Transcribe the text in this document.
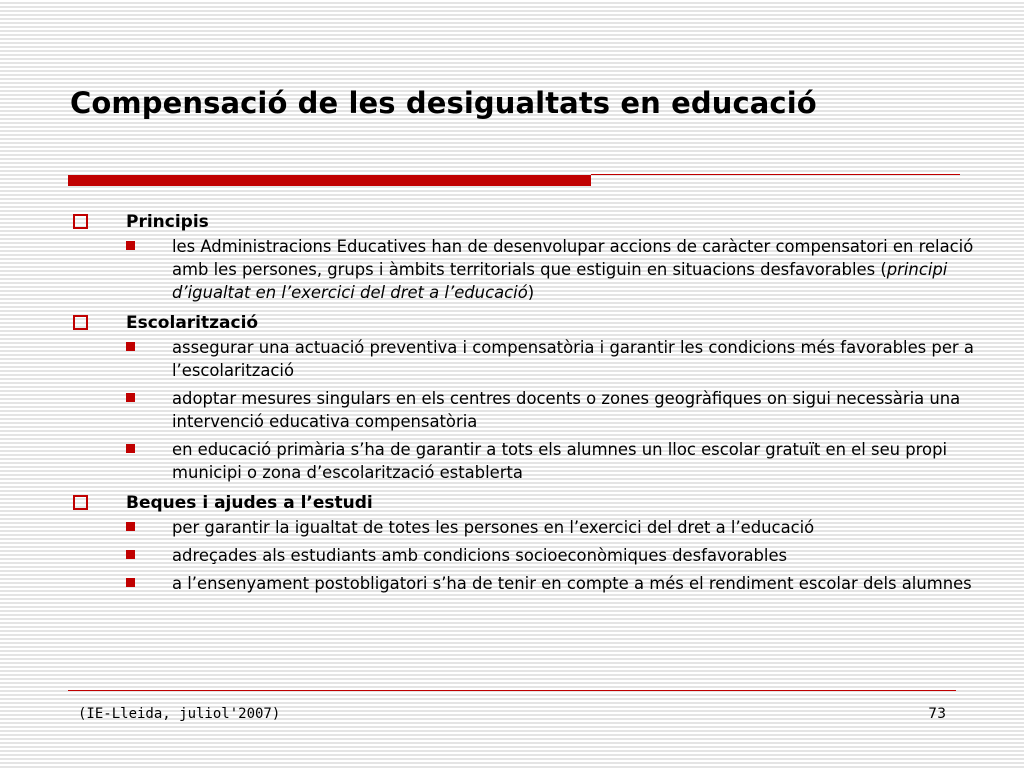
Compensació de les desigualtats en educació
Principis
les Administracions Educatives han de desenvolupar accions de caràcter compensatori en relació amb les persones, grups i àmbits territorials que estiguin en situacions desfavorables (principi d’igualtat en l’exercici del dret a l’educació)
Escolarització
assegurar una actuació preventiva i compensatòria i garantir les condicions més favorables per a l’escolarització
adoptar mesures singulars en els centres docents o zones geogràfiques on sigui necessària una intervenció educativa compensatòria
en educació primària s’ha de garantir a tots els alumnes un lloc escolar gratuït en el seu propi municipi o zona d’escolarització establerta
Beques i ajudes a l’estudi
per garantir la igualtat de totes les persones en l’exercici del dret a l’educació
adreçades als estudiants amb condicions socioeconòmiques desfavorables
a l’ensenyament postobligatori s’ha de tenir en compte a més el rendiment escolar dels alumnes
(IE-Lleida, juliol'2007)	73
